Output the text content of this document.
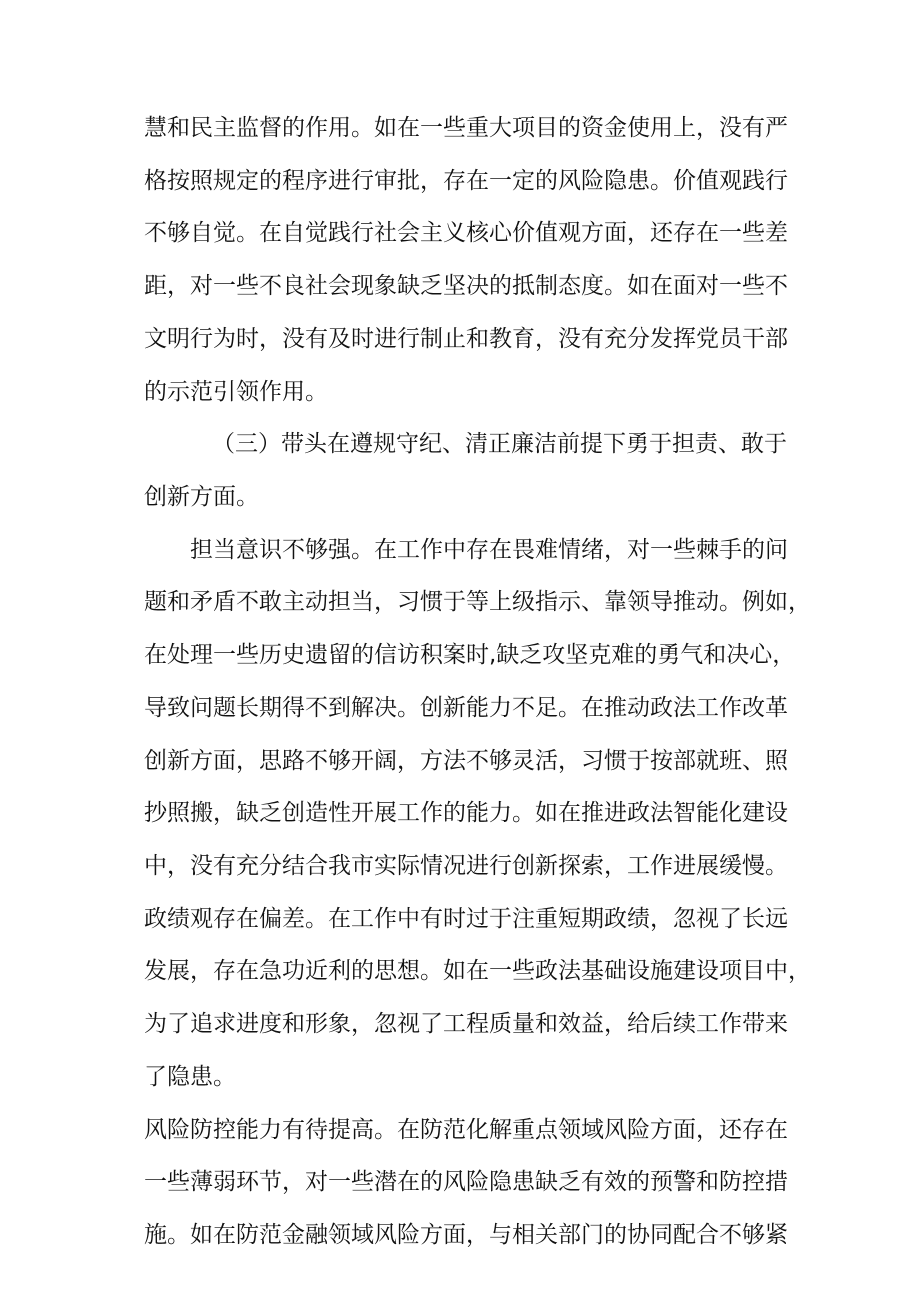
慧和民主监督的作用。如在一些重大项目的资金使用上，没有严
格按照规定的程序进行审批，存在一定的风险隐患。价值观践行
不够自觉。在自觉践行社会主义核心价值观方面，还存在一些差
距，对一些不良社会现象缺乏坚决的抵制态度。如在面对一些不
文明行为时，没有及时进行制止和教育，没有充分发挥党员干部
的示范引领作用。
（三）带头在遵规守纪、清正廉洁前提下勇于担责、敢于
创新方面。
担当意识不够强。在工作中存在畏难情绪，对一些棘手的问
题和矛盾不敢主动担当，习惯于等上级指示、靠领导推动。例如，
在处理一些历史遗留的信访积案时,缺乏攻坚克难的勇气和决心，
导致问题长期得不到解决。创新能力不足。在推动政法工作改革
创新方面，思路不够开阔，方法不够灵活，习惯于按部就班、照
抄照搬，缺乏创造性开展工作的能力。如在推进政法智能化建设
中，没有充分结合我市实际情况进行创新探索，工作进展缓慢。
政绩观存在偏差。在工作中有时过于注重短期政绩，忽视了长远
发展，存在急功近利的思想。如在一些政法基础设施建设项目中，
为了追求进度和形象，忽视了工程质量和效益，给后续工作带来
了隐患。
风险防控能力有待提高。在防范化解重点领域风险方面，还存在
一些薄弱环节，对一些潜在的风险隐患缺乏有效的预警和防控措
施。如在防范金融领域风险方面，与相关部门的协同配合不够紧
